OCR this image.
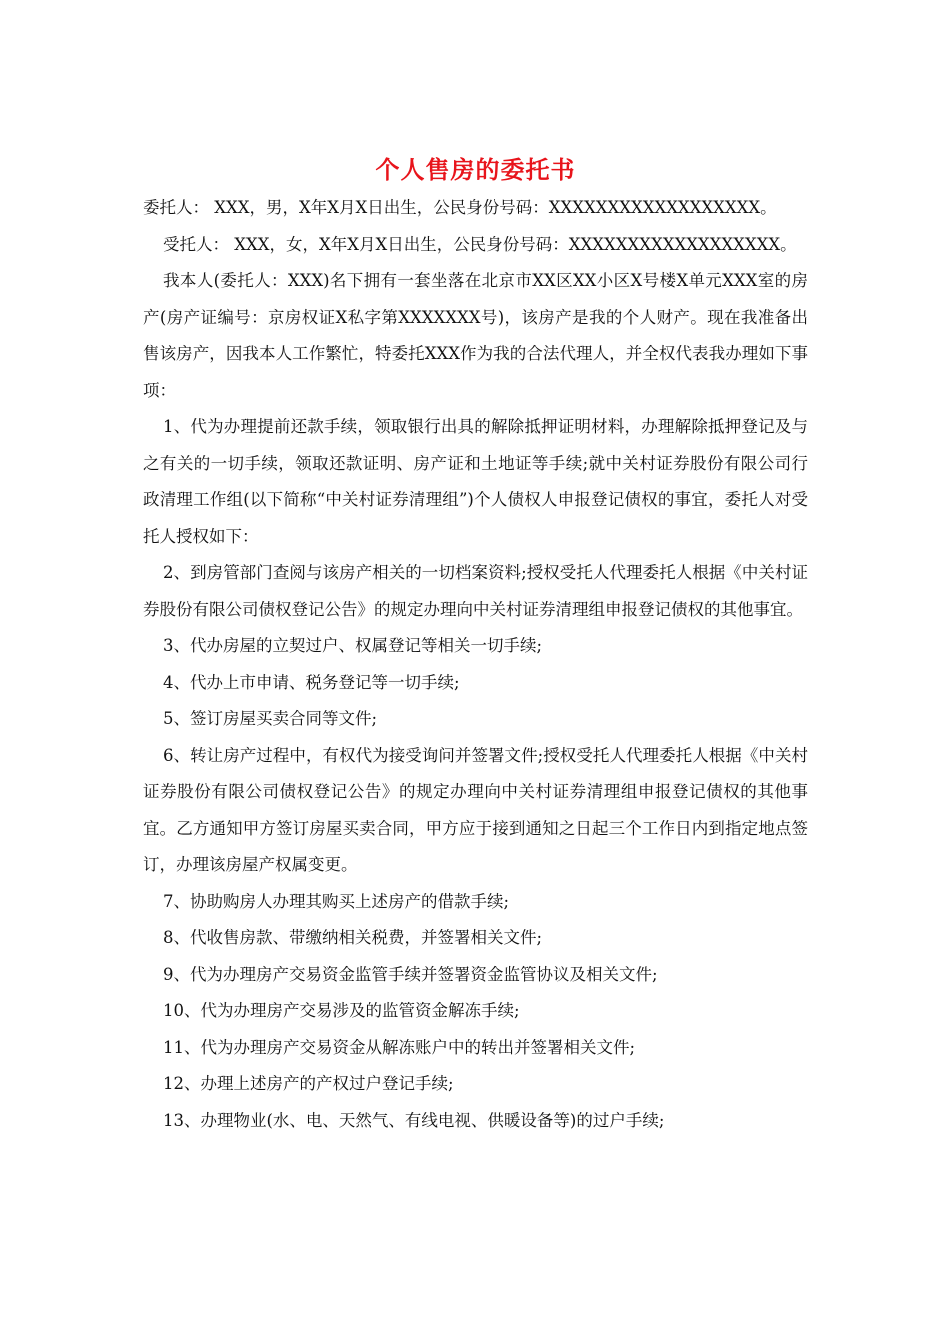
个人售房的委托书

委托人： XXX，男，X年X月X日出生，公民身份号码：XXXXXXXXXXXXXXXXXX。

受托人： XXX，女，X年X月X日出生，公民身份号码：XXXXXXXXXXXXXXXXXX。

我本人(委托人：XXX)名下拥有一套坐落在北京市XX区XX小区X号楼X单元XXX室的房产(房产证编号：京房权证X私字第XXXXXXX号)，该房产是我的个人财产。现在我准备出售该房产，因我本人工作繁忙，特委托XXX作为我的合法代理人，并全权代表我办理如下事项：

1、代为办理提前还款手续，领取银行出具的解除抵押证明材料，办理解除抵押登记及与之有关的一切手续，领取还款证明、房产证和土地证等手续;就中关村证券股份有限公司行政清理工作组(以下简称“中关村证券清理组”)个人债权人申报登记债权的事宜，委托人对受托人授权如下：

2、到房管部门查阅与该房产相关的一切档案资料;授权受托人代理委托人根据《中关村证券股份有限公司债权登记公告》的规定办理向中关村证券清理组申报登记债权的其他事宜。

3、代办房屋的立契过户、权属登记等相关一切手续;

4、代办上市申请、税务登记等一切手续;

5、签订房屋买卖合同等文件;

6、转让房产过程中，有权代为接受询问并签署文件;授权受托人代理委托人根据《中关村证券股份有限公司债权登记公告》的规定办理向中关村证券清理组申报登记债权的其他事宜。乙方通知甲方签订房屋买卖合同，甲方应于接到通知之日起三个工作日内到指定地点签订，办理该房屋产权属变更。

7、协助购房人办理其购买上述房产的借款手续;

8、代收售房款、带缴纳相关税费，并签署相关文件;

9、代为办理房产交易资金监管手续并签署资金监管协议及相关文件;

10、代为办理房产交易涉及的监管资金解冻手续;

11、代为办理房产交易资金从解冻账户中的转出并签署相关文件;

12、办理上述房产的产权过户登记手续;

13、办理物业(水、电、天然气、有线电视、供暖设备等)的过户手续;
